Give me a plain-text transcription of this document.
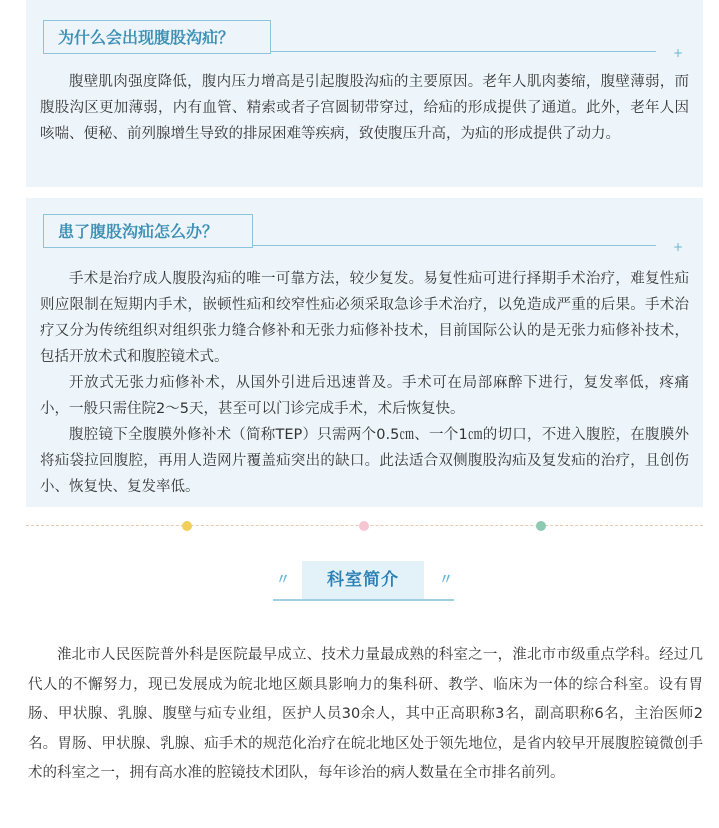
为什么会出现腹股沟疝？
+

腹壁肌肉强度降低，腹内压力增高是引起腹股沟疝的主要原因。老年人肌肉萎缩，腹壁薄弱，而腹股沟区更加薄弱，内有血管、精索或者子宫圆韧带穿过，给疝的形成提供了通道。此外，老年人因咳喘、便秘、前列腺增生导致的排尿困难等疾病，致使腹压升高，为疝的形成提供了动力。

患了腹股沟疝怎么办？
+

手术是治疗成人腹股沟疝的唯一可靠方法，较少复发。易复性疝可进行择期手术治疗，难复性疝则应限制在短期内手术，嵌顿性疝和绞窄性疝必须采取急诊手术治疗，以免造成严重的后果。手术治疗又分为传统组织对组织张力缝合修补和无张力疝修补技术，目前国际公认的是无张力疝修补技术，包括开放术式和腹腔镜术式。

开放式无张力疝修补术，从国外引进后迅速普及。手术可在局部麻醉下进行，复发率低，疼痛小，一般只需住院2～5天，甚至可以门诊完成手术，术后恢复快。

腹腔镜下全腹膜外修补术（简称TEP）只需两个0.5㎝、一个1㎝的切口，不进入腹腔，在腹膜外将疝袋拉回腹腔，再用人造网片覆盖疝突出的缺口。此法适合双侧腹股沟疝及复发疝的治疗，且创伤小、恢复快、复发率低。

〃	科室简介	〃

淮北市人民医院普外科是医院最早成立、技术力量最成熟的科室之一，淮北市市级重点学科。经过几代人的不懈努力，现已发展成为皖北地区颇具影响力的集科研、教学、临床为一体的综合科室。设有胃肠、甲状腺、乳腺、腹壁与疝专业组，医护人员30余人，其中正高职称3名，副高职称6名，主治医师2名。胃肠、甲状腺、乳腺、疝手术的规范化治疗在皖北地区处于领先地位，是省内较早开展腹腔镜微创手术的科室之一，拥有高水准的腔镜技术团队，每年诊治的病人数量在全市排名前列。
